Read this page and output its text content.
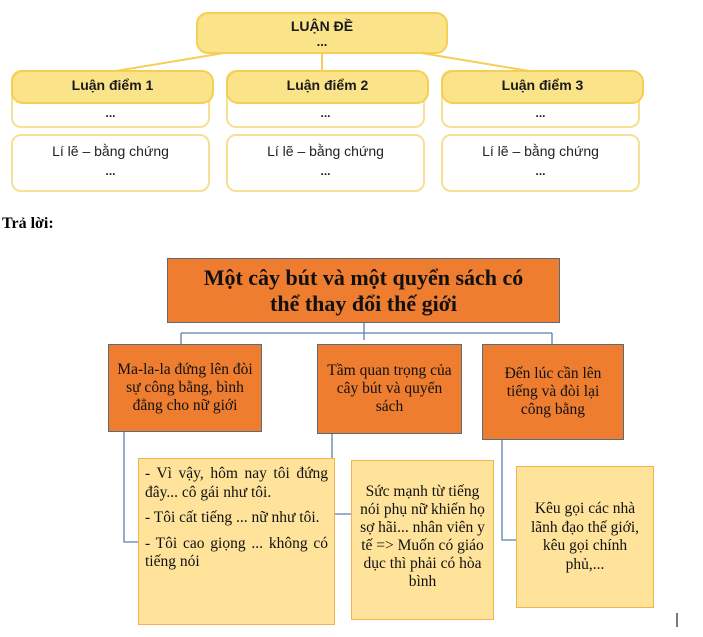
LUẬN ĐỀ
...
Luận điểm 1
...
Lí lẽ – bằng chứng
...
Luận điểm 2
...
Lí lẽ – bằng chứng
...
Luận điểm 3
...
Lí lẽ – bằng chứng
...
Trả lời:
Một cây bút và một quyển sách có
thể thay đổi thế giới
Ma-la-la đứng lên đòi sự công bằng, bình đẳng cho nữ giới
Tầm quan trọng của cây bút và quyển sách
Đến lúc cần lên tiếng và đòi lại công bằng

- Vì vậy, hôm nay tôi đứng đây... cô gái như tôi.

- Tôi cất tiếng ... nữ như tôi.

- Tôi cao giọng ... không có tiếng nói

Sức mạnh từ tiếng nói phụ nữ khiến họ sợ hãi... nhân viên y tế => Muốn có giáo dục thì phải có hòa bình
Kêu gọi các nhà lãnh đạo thế giới, kêu gọi chính phủ,...
